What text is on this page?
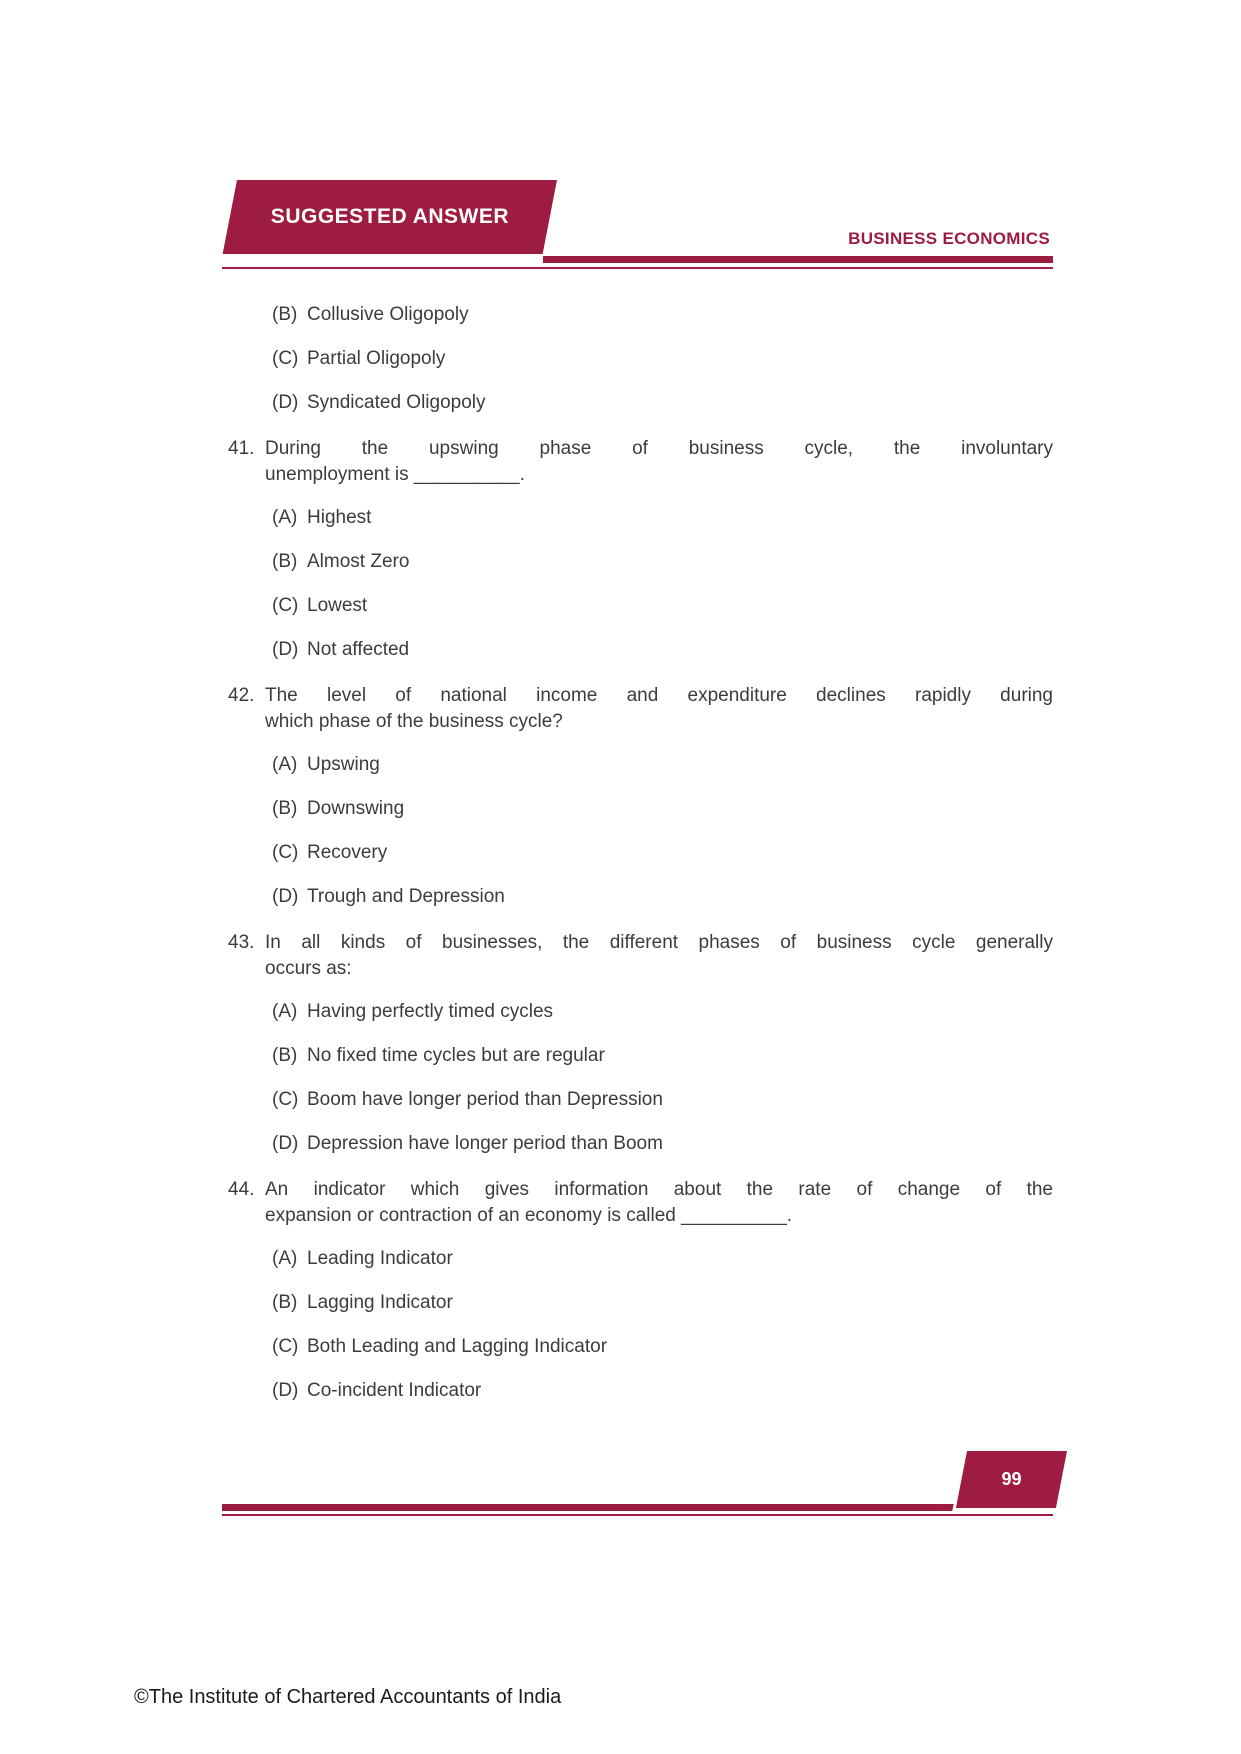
SUGGESTED ANSWER
BUSINESS ECONOMICS
(B) Collusive Oligopoly
(C) Partial Oligopoly
(D) Syndicated Oligopoly
41. During the upswing phase of business cycle, the involuntary
unemployment is __________.
(A) Highest
(B) Almost Zero
(C) Lowest
(D) Not affected
42. The level of national income and expenditure declines rapidly during
which phase of the business cycle?
(A) Upswing
(B) Downswing
(C) Recovery
(D) Trough and Depression
43. In all kinds of businesses, the different phases of business cycle generally
occurs as:
(A) Having perfectly timed cycles
(B) No fixed time cycles but are regular
(C) Boom have longer period than Depression
(D) Depression have longer period than Boom
44. An indicator which gives information about the rate of change of the
expansion or contraction of an economy is called __________.
(A) Leading Indicator
(B) Lagging Indicator
(C) Both Leading and Lagging Indicator
(D) Co-incident Indicator
99
©The Institute of Chartered Accountants of India
